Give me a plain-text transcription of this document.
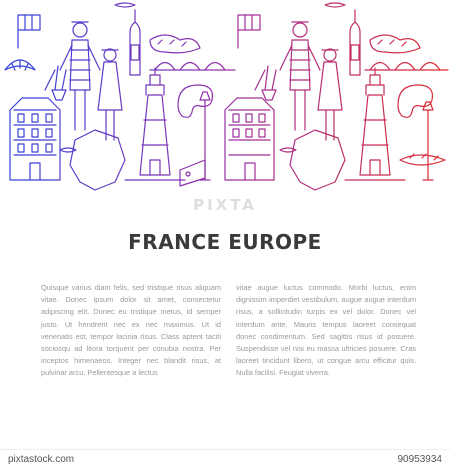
PIXTA
FRANCE EUROPE

Quisque varius diam felis, sed tristique risus aliquam vitae. Donec ipsum dolor sit amet, consectetur adipiscing elit. Donec eu tristique metus, id semper justo. Ut hendrerit nec ex nec maximus. Ut id venenatis est, tempor lacinia risus. Class aptent taciti sociosqu ad litora torquent per conubia nostra. Per inceptos himenaeos. Integer nec blandit risus, at pulvinar arcu. Pellentesque a lectus

vitae augue luctus commodo. Morbi luctus, enim dignissim imperdiet vestibulum, augue augue interdum risus, a sollicitudin turpis ex vel dolor. Donec vel interdum ante. Mauris tempus laoreet consequat donec condimentum. Sed sagittis risus id posuere. Suspendisse vel nisi eu massa ultricies posuere. Cras laoreet tincidunt libero, ut congue arcu efficitur quis. Nulla facilisi. Feugiat viverra.

pixtastock.com	90953934
